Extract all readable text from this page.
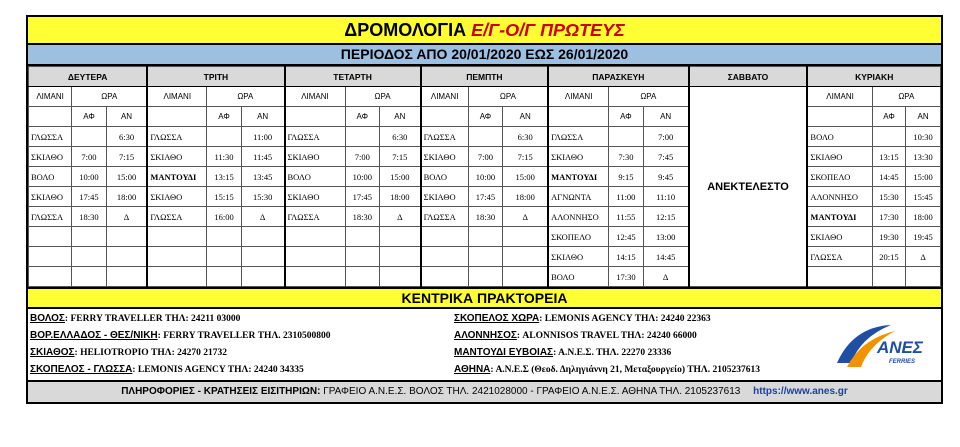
ΔΡΟΜΟΛΟΓΙΑ Ε/Γ-Ο/Γ ΠΡΩΤΕΥΣ
ΠΕΡΙΟΔΟΣ ΑΠΟ 20/01/2020 ΕΩΣ 26/01/2020
ΔΕΥΤΕΡΑ			ΤΡΙΤΗ			ΤΕΤΑΡΤΗ			ΠΕΜΠΤΗ			ΠΑΡΑΣΚΕΥΗ			ΣΑΒΒΑΤΟ	ΚΥΡΙΑΚΗ		
ΛΙΜΑΝΙ	ΩΡΑ		ΛΙΜΑΝΙ	ΩΡΑ		ΛΙΜΑΝΙ	ΩΡΑ		ΛΙΜΑΝΙ	ΩΡΑ		ΛΙΜΑΝΙ	ΩΡΑ		ΑΝΕΚΤΕΛΕΣΤΟ	ΛΙΜΑΝΙ	ΩΡΑ	
	ΑΦ	ΑΝ		ΑΦ	ΑΝ		ΑΦ	ΑΝ		ΑΦ	ΑΝ		ΑΦ	ΑΝ			ΑΦ	ΑΝ
ΓΛΩΣΣΑ		6:30	ΓΛΩΣΣΑ		11:00	ΓΛΩΣΣΑ		6:30	ΓΛΩΣΣΑ		6:30	ΓΛΩΣΣΑ		7:00		ΒΟΛΟ		10:30
ΣΚΙΑΘΟ	7:00	7:15	ΣΚΙΑΘΟ	11:30	11:45	ΣΚΙΑΘΟ	7:00	7:15	ΣΚΙΑΘΟ	7:00	7:15	ΣΚΙΑΘΟ	7:30	7:45		ΣΚΙΑΘΟ	13:15	13:30
ΒΟΛΟ	10:00	15:00	ΜΑΝΤΟΥΔΙ	13:15	13:45	ΒΟΛΟ	10:00	15:00	ΒΟΛΟ	10:00	15:00	ΜΑΝΤΟΥΔΙ	9:15	9:45		ΣΚΟΠΕΛΟ	14:45	15:00
ΣΚΙΑΘΟ	17:45	18:00	ΣΚΙΑΘΟ	15:15	15:30	ΣΚΙΑΘΟ	17:45	18:00	ΣΚΙΑΘΟ	17:45	18:00	ΑΓΝΩΝΤΑ	11:00	11:10		ΑΛΟΝΝΗΣΟ	15:30	15:45
ΓΛΩΣΣΑ	18:30	Δ	ΓΛΩΣΣΑ	16:00	Δ	ΓΛΩΣΣΑ	18:30	Δ	ΓΛΩΣΣΑ	18:30	Δ	ΑΛΟΝΝΗΣΟ	11:55	12:15		ΜΑΝΤΟΥΔΙ	17:30	18:00
												ΣΚΟΠΕΛΟ	12:45	13:00		ΣΚΙΑΘΟ	19:30	19:45
												ΣΚΙΑΘΟ	14:15	14:45		ΓΛΩΣΣΑ	20:15	Δ
												ΒΟΛΟ	17:30	Δ				
ΚΕΝΤΡΙΚΑ ΠΡΑΚΤΟΡΕΙΑ
ΑΝΕΣ
FERRIES
ΒΟΛΟΣ: FERRY TRAVELLER ΤΗΛ: 24211 03000	ΣΚΟΠΕΛΟΣ ΧΩΡΑ: LEMONIS AGENCY ΤΗΛ: 24240 22363
ΒΟΡ.ΕΛΛΑΔΟΣ - ΘΕΣ/ΝΙΚΗ: FERRY TRAVELLER ΤΗΛ. 2310500800	ΑΛΟΝΝΗΣΟΣ: ALONNISOS TRAVEL ΤΗΛ: 24240 66000
ΣΚΙΑΘΟΣ: HELIOTROPIO ΤΗΛ: 24270 21732	ΜΑΝΤΟΥΔΙ ΕΥΒΟΙΑΣ: Α.Ν.Ε.Σ. ΤΗΛ. 22270 23336
ΣΚΟΠΕΛΟΣ - ΓΛΩΣΣΑ: LEMONIS AGENCY ΤΗΛ: 24240 34335	ΑΘΗΝΑ: Α.Ν.Ε.Σ (Θεοδ. Δηληγιάννη 21, Μεταξουργείο) ΤΗΛ. 2105237613
ΠΛΗΡΟΦΟΡΙΕΣ - ΚΡΑΤΗΣΕΙΣ ΕΙΣΙΤΗΡΙΩΝ: ΓΡΑΦΕΙΟ Α.Ν.Ε.Σ. ΒΟΛΟΣ ΤΗΛ. 2421028000 - ΓΡΑΦΕΙΟ Α.Ν.Ε.Σ. ΑΘΗΝΑ ΤΗΛ. 2105237613 https://www.anes.gr
